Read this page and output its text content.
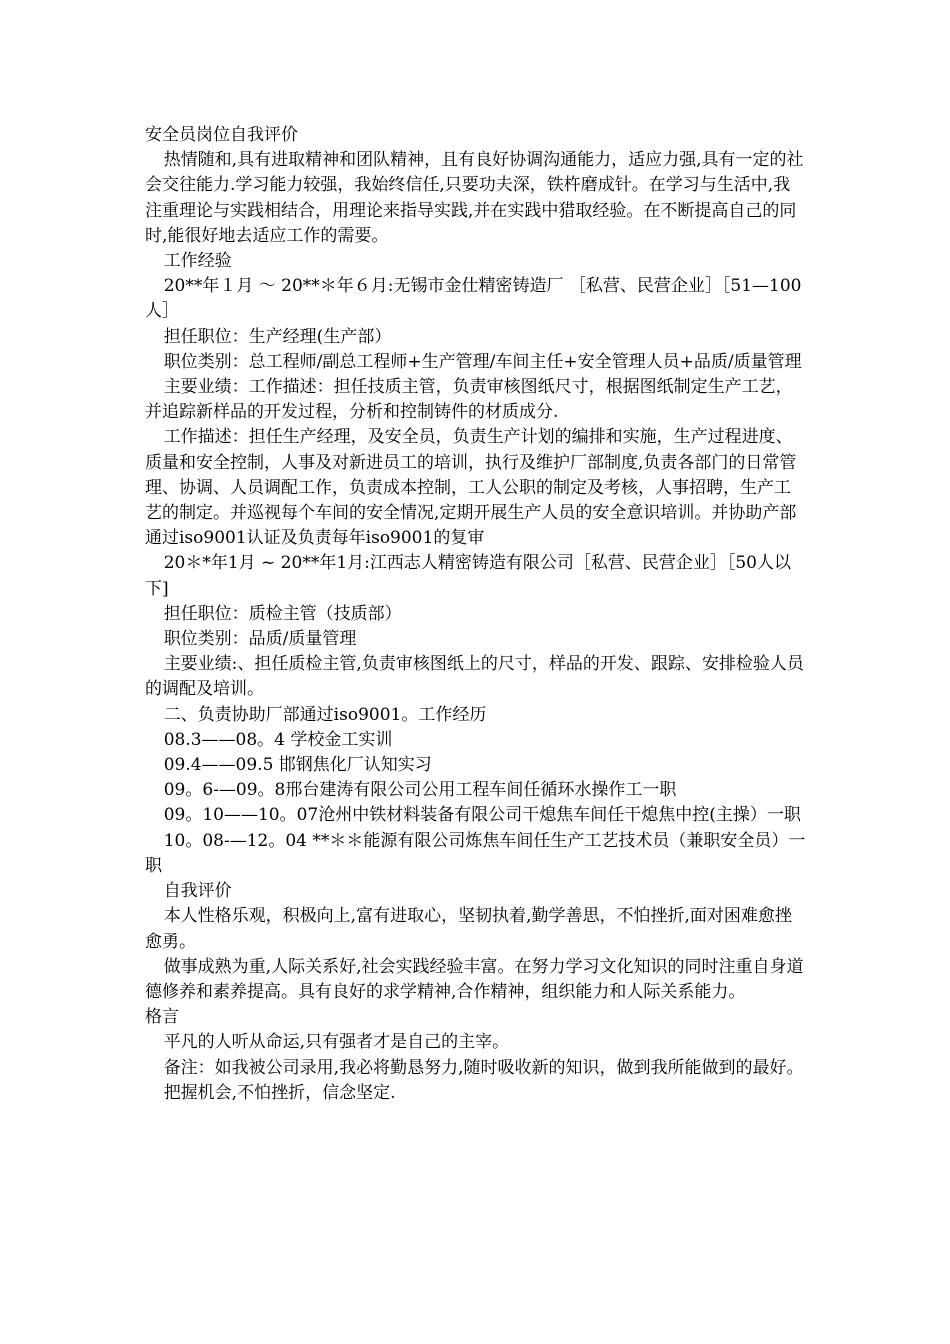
安全员岗位自我评价

热情随和,具有进取精神和团队精神，且有良好协调沟通能力，适应力强,具有一定的社会交往能力.学习能力较强，我始终信任,只要功夫深，铁杵磨成针。在学习与生活中,我注重理论与实践相结合，用理论来指导实践,并在实践中猎取经验。在不断提高自己的同时,能很好地去适应工作的需要。

工作经验

20**年１月 ～ 20**＊年６月:无锡市金仕精密铸造厂 ［私营、民营企业］［51—100人］

担任职位：生产经理(生产部）

职位类别：总工程师/副总工程师+生产管理/车间主任+安全管理人员+品质/质量管理

主要业绩：工作描述：担任技质主管，负责审核图纸尺寸，根据图纸制定生产工艺，并追踪新样品的开发过程，分析和控制铸件的材质成分.

工作描述：担任生产经理，及安全员，负责生产计划的编排和实施，生产过程进度、质量和安全控制，人事及对新进员工的培训，执行及维护厂部制度,负责各部门的日常管理、协调、人员调配工作，负责成本控制，工人公职的制定及考核，人事招聘，生产工艺的制定。并巡视每个车间的安全情况,定期开展生产人员的安全意识培训。并协助产部通过iso9001认证及负责每年iso9001的复审

20＊*年1月 ~ 20**年1月:江西志人精密铸造有限公司［私营、民营企业］［50人以下]

担任职位：质检主管（技质部）

职位类别：品质/质量管理

主要业绩:、担任质检主管,负责审核图纸上的尺寸，样品的开发、跟踪、安排检验人员的调配及培训。

二、负责协助厂部通过iso9001。工作经历

08.3——08。4 学校金工实训

09.4——09.5 邯钢焦化厂认知实习

09。6-—09。8邢台建涛有限公司公用工程车间任循环水操作工一职

09。10——10。07沧州中铁材料装备有限公司干熄焦车间任干熄焦中控(主操）一职

10。08-—12。04 **＊＊能源有限公司炼焦车间任生产工艺技术员（兼职安全员）一职

自我评价

本人性格乐观，积极向上,富有进取心，坚韧执着,勤学善思，不怕挫折,面对困难愈挫愈勇。

做事成熟为重,人际关系好,社会实践经验丰富。在努力学习文化知识的同时注重自身道德修养和素养提高。具有良好的求学精神,合作精神，组织能力和人际关系能力。

格言

平凡的人听从命运,只有强者才是自己的主宰。

备注：如我被公司录用,我必将勤恳努力,随时吸收新的知识，做到我所能做到的最好。

把握机会,不怕挫折，信念坚定.
